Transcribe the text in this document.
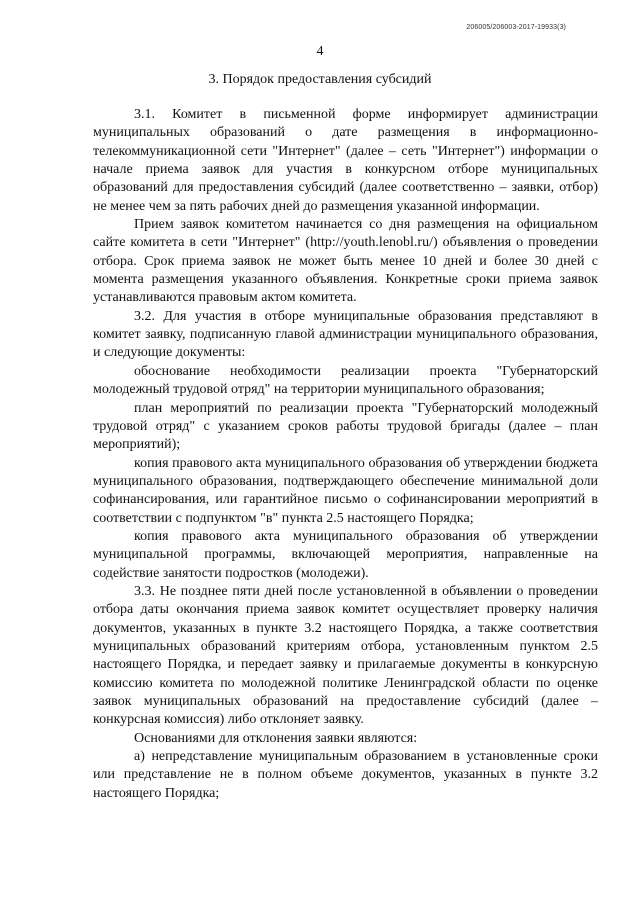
206005/206003-2017-19933(3)
4
3. Порядок предоставления субсидий

3.1. Комитет в письменной форме информирует администрации муниципальных образований о дате размещения в информационно-телекоммуникационной сети "Интернет" (далее – сеть "Интернет") информации о начале приема заявок для участия в конкурсном отборе муниципальных образований для предоставления субсидий (далее соответственно – заявки, отбор) не менее чем за пять рабочих дней до размещения указанной информации.

Прием заявок комитетом начинается со дня размещения на официальном сайте комитета в сети "Интернет" (http://youth.lenobl.ru/) объявления о проведении отбора. Срок приема заявок не может быть менее 10 дней и более 30 дней с момента размещения указанного объявления. Конкретные сроки приема заявок устанавливаются правовым актом комитета.

3.2. Для участия в отборе муниципальные образования представляют в комитет заявку, подписанную главой администрации муниципального образования, и следующие документы:

обоснование необходимости реализации проекта "Губернаторский молодежный трудовой отряд" на территории муниципального образования;

план мероприятий по реализации проекта "Губернаторский молодежный трудовой отряд" с указанием сроков работы трудовой бригады (далее – план мероприятий);

копия правового акта муниципального образования об утверждении бюджета муниципального образования, подтверждающего обеспечение минимальной доли софинансирования, или гарантийное письмо о софинансировании мероприятий в соответствии с подпунктом "в" пункта 2.5 настоящего Порядка;

копия правового акта муниципального образования об утверждении муниципальной программы, включающей мероприятия, направленные на содействие занятости подростков (молодежи).

3.3. Не позднее пяти дней после установленной в объявлении о проведении отбора даты окончания приема заявок комитет осуществляет проверку наличия документов, указанных в пункте 3.2 настоящего Порядка, а также соответствия муниципальных образований критериям отбора, установленным пунктом 2.5 настоящего Порядка, и передает заявку и прилагаемые документы в конкурсную комиссию комитета по молодежной политике Ленинградской области по оценке заявок муниципальных образований на предоставление субсидий (далее – конкурсная комиссия) либо отклоняет заявку.

Основаниями для отклонения заявки являются:

а) непредставление муниципальным образованием в установленные сроки или представление не в полном объеме документов, указанных в пункте 3.2 настоящего Порядка;
